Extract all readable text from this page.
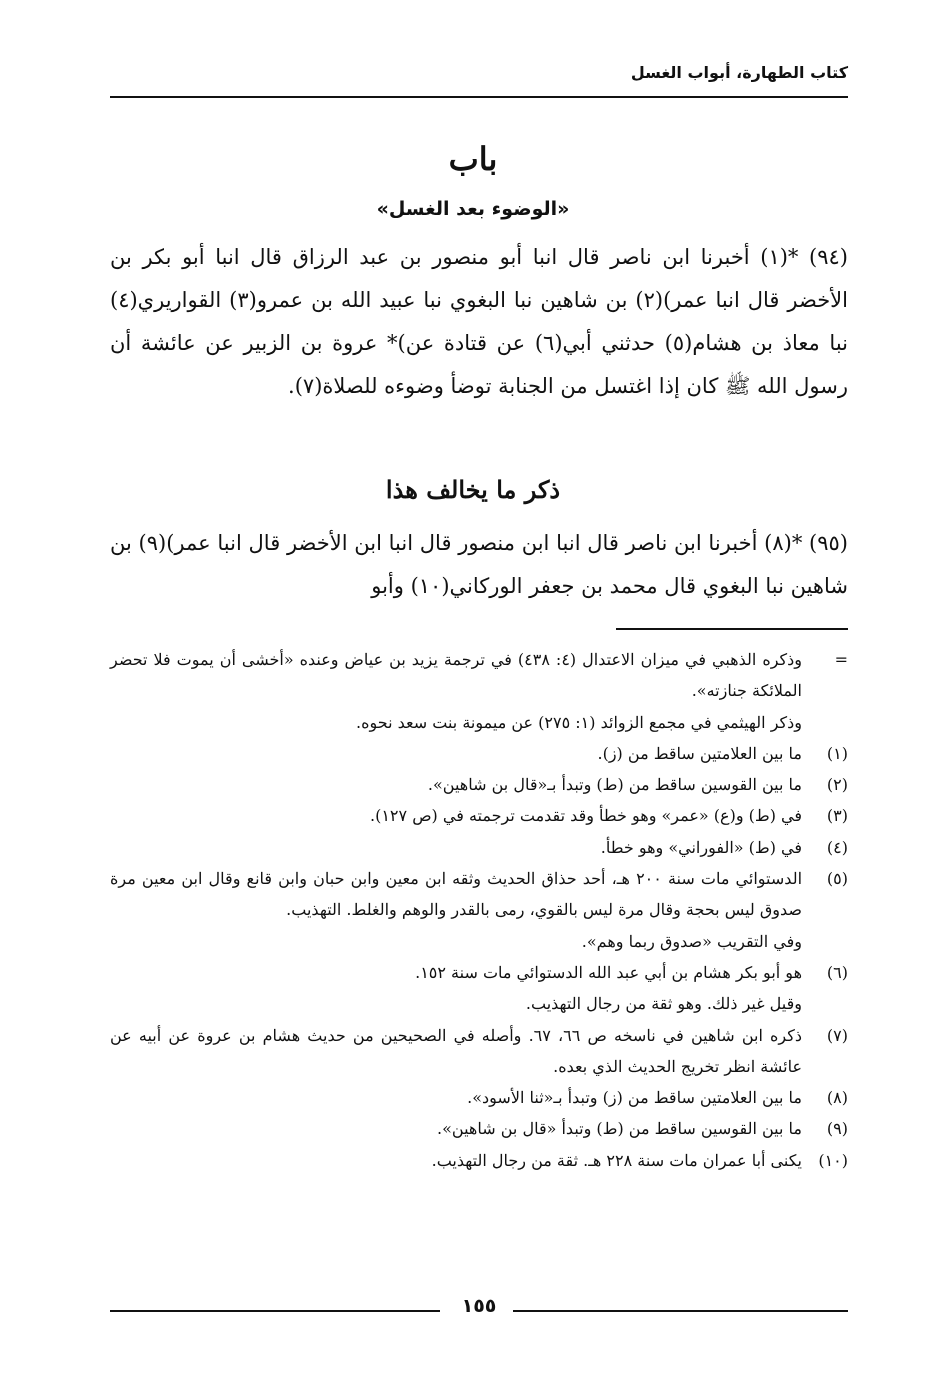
كتاب الطهارة، أبواب الغسل
باب
«الوضوء بعد الغسل»

(٩٤) *(١) أخبرنا ابن ناصر قال انبا أبو منصور بن عبد الرزاق قال انبا أبو بكر بن الأخضر قال انبا عمر)(٢) بن شاهين نبا البغوي نبا عبيد الله بن عمرو(٣) القواريري(٤) نبا معاذ بن هشام(٥) حدثني أبي(٦) عن قتادة عن)* عروة بن الزبير عن عائشة أن رسول الله ﷺ كان إذا اغتسل من الجنابة توضأ وضوءه للصلاة(٧).

ذكر ما يخالف هذا

(٩٥) *(٨) أخبرنا ابن ناصر قال انبا ابن منصور قال انبا ابن الأخضر قال انبا عمر)(٩) بن شاهين نبا البغوي قال محمد بن جعفر الوركاني(١٠) وأبو

=
وذكره الذهبي في ميزان الاعتدال (٤: ٤٣٨) في ترجمة يزيد بن عياض وعنده «أخشى أن يموت فلا تحضر الملائكة جنازته».
وذكر الهيثمي في مجمع الزوائد (١: ٢٧٥) عن ميمونة بنت سعد نحوه.
(١)
ما بين العلامتين ساقط من (ز).
(٢)
ما بين القوسين ساقط من (ط) وتبدأ بـ«قال بن شاهين».
(٣)
في (ط) و(ع) «عمر» وهو خطأ وقد تقدمت ترجمته في (ص ١٢٧).
(٤)
في (ط) «الفوراني» وهو خطأ.
(٥)
الدستوائي مات سنة ٢٠٠ هـ، أحد حذاق الحديث وثقه ابن معين وابن حبان وابن قانع وقال ابن معين مرة صدوق ليس بحجة وقال مرة ليس بالقوي، رمى بالقدر والوهم والغلط. التهذيب.
وفي التقريب «صدوق ربما وهم».
(٦)
هو أبو بكر هشام بن أبي عبد الله الدستوائي مات سنة ١٥٢.
وقيل غير ذلك. وهو ثقة من رجال التهذيب.
(٧)
ذكره ابن شاهين في ناسخه ص ٦٦، ٦٧. وأصله في الصحيحين من حديث هشام بن عروة عن أبيه عن عائشة انظر تخريج الحديث الذي بعده.
(٨)
ما بين العلامتين ساقط من (ز) وتبدأ بـ«ثنا الأسود».
(٩)
ما بين القوسين ساقط من (ط) وتبدأ «قال بن شاهين».
(١٠)
يكنى أبا عمران مات سنة ٢٢٨ هـ. ثقة من رجال التهذيب.
١٥٥
